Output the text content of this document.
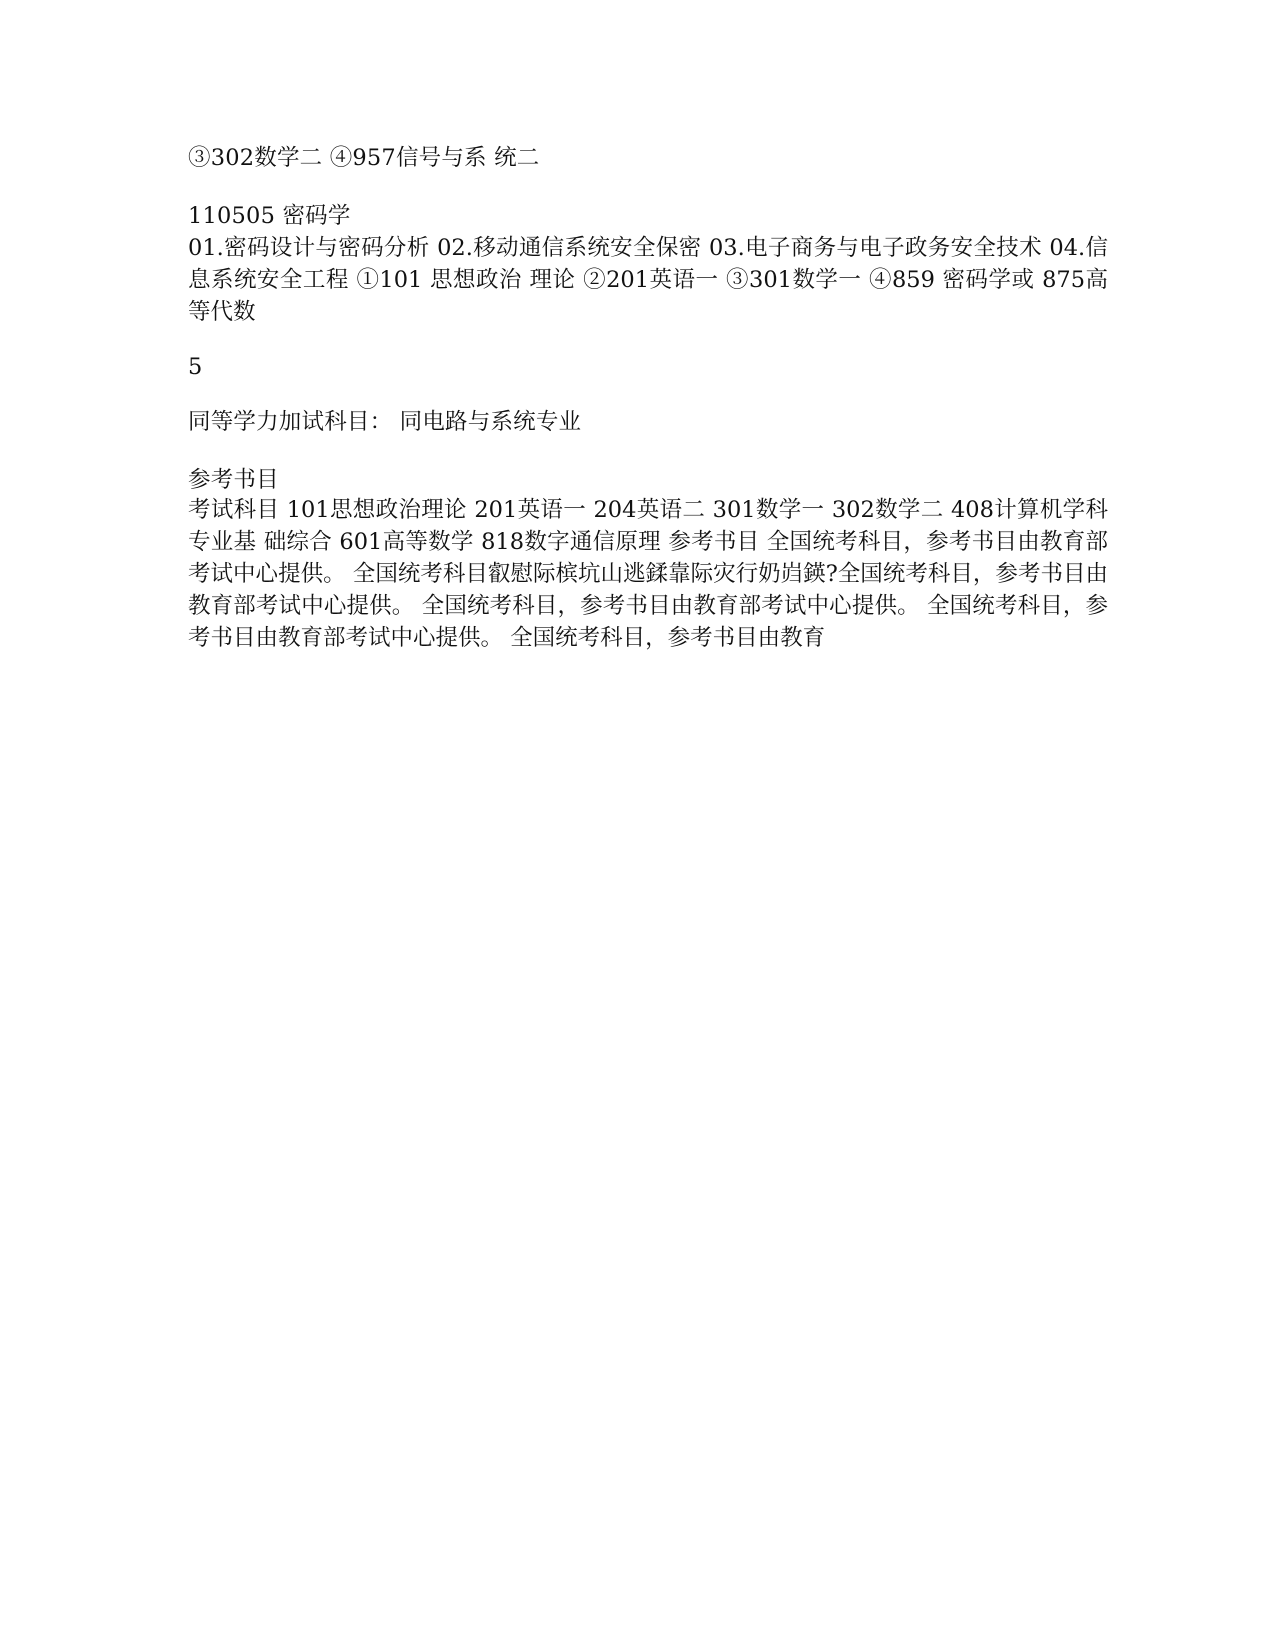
③302数学二 ④957信号与系 统二
110505 密码学
01.密码设计与密码分析 02.移动通信系统安全保密 03.电子商务与电子政务安全技术 04.信息系统安全工程 ①101 思想政治 理论 ②201英语一 ③301数学一 ④859 密码学或 875高等代数
5
同等学力加试科目： 同电路与系统专业
参考书目
考试科目 101思想政治理论 201英语一 204英语二 301数学一 302数学二 408计算机学科专业基 础综合 601高等数学 818数字通信原理 参考书目 全国统考科目，参考书目由教育部考试中心提供。 全国统考科目叡慰际槟坑山逃鍒靠际灾行奶岿鍈?全国统考科目，参考书目由教育部考试中心提供。 全国统考科目，参考书目由教育部考试中心提供。 全国统考科目，参考书目由教育部考试中心提供。 全国统考科目，参考书目由教育
